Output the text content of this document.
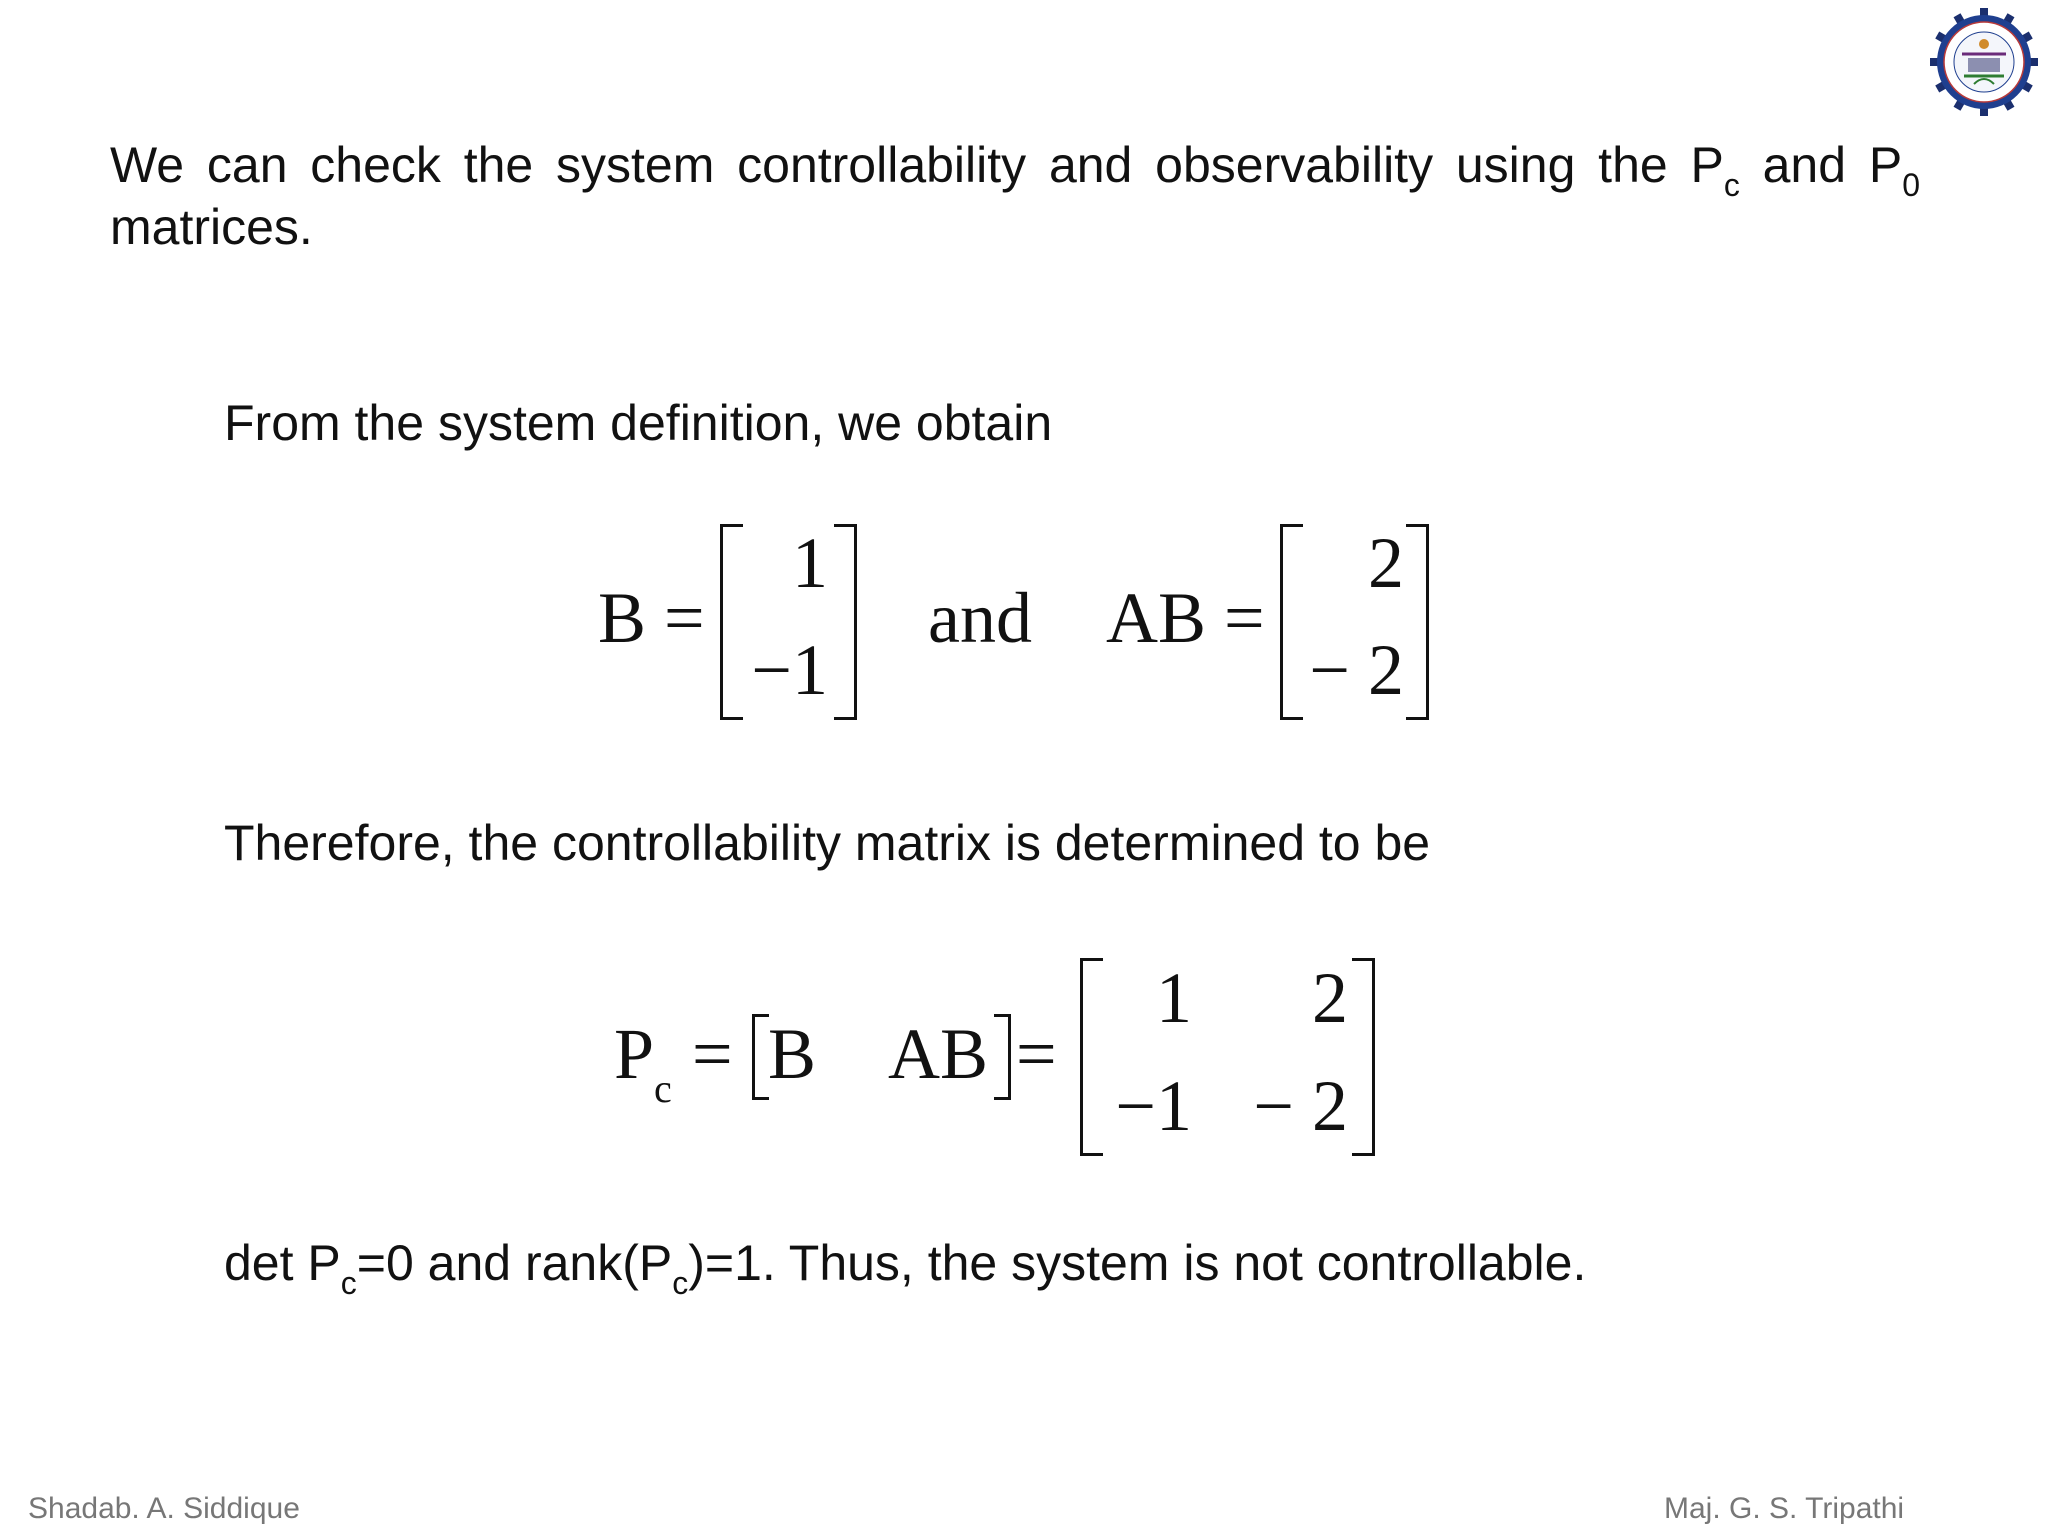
We can check the system controllability and observability using the $P_c$ and $P_0$ matrices.
From the system definition, we obtain
B =
1
−1
and AB =
2
− 2
Therefore, the controllability matrix is determined to be
$P_c = B$ AB =
1	2
−1 − 2
$\det P_c=0$ and $rank(P_c)=1$. Thus, the system is not controllable.
Shadab. A. Siddique	Maj. G. S. Tripathi
